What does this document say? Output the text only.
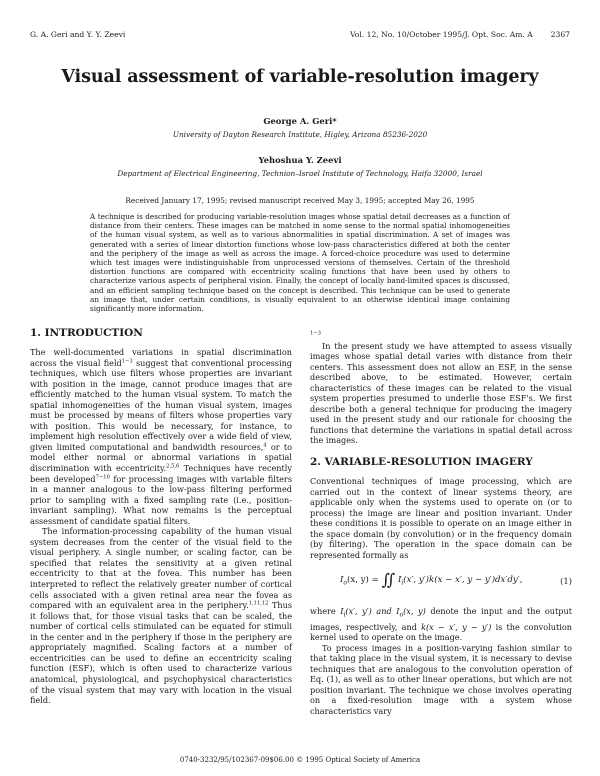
G. A. Geri and Y. Y. Zeevi	Vol. 12, No. 10/October 1995/J. Opt. Soc. Am. A 2367
Visual assessment of variable-resolution imagery
George A. Geri*
University of Dayton Research Institute, Higley, Arizona 85236-2020
Yehoshua Y. Zeevi
Department of Electrical Engineering, Technion–Israel Institute of Technology, Haifa 32000, Israel
Received January 17, 1995; revised manuscript received May 3, 1995; accepted May 26, 1995
A technique is described for producing variable-resolution images whose spatial detail decreases as a function of distance from their centers. These images can be matched in some sense to the normal spatial inhomogeneities of the human visual system, as well as to various abnormalities in spatial discrimination. A set of images was generated with a series of linear distortion functions whose low-pass characteristics differed at both the center and the periphery of the image as well as across the image. A forced-choice procedure was used to determine which test images were indistinguishable from unprocessed versions of themselves. Certain of the threshold distortion functions are compared with eccentricity scaling functions that have been used by others to characterize various aspects of peripheral vision. Finally, the concept of locally band-limited spaces is discussed, and an efficient sampling technique based on the concept is described. This technique can be used to generate an image that, under certain conditions, is visually equivalent to an otherwise identical image containing significantly more information.
1. INTRODUCTION

The well-documented variations in spatial discrimination across the visual field$^{1-3}$ suggest that conventional processing techniques, which use filters whose properties are invariant with position in the image, cannot produce images that are efficiently matched to the human visual system. To match the spatial inhomogeneities of the human visual system, images must be processed by means of filters whose properties vary with position. This would be necessary, for instance, to implement high resolution effectively over a wide field of view, given limited computational and bandwidth resources,$^4$ or to model either normal or abnormal variations in spatial discrimination with eccentricity.$^{2,5,6}$ Techniques have recently been developed$^{7-10}$ for processing images with variable filters in a manner analogous to the low-pass filtering performed prior to sampling with a fixed sampling rate (i.e., position-invariant sampling). What now remains is the perceptual assessment of candidate spatial filters.

The information-processing capability of the human visual system decreases from the center of the visual field to the visual periphery. A single number, or scaling factor, can be specified that relates the sensitivity at a given retinal eccentricity to that at the fovea. This number has been interpreted to reflect the relatively greater number of cortical cells associated with a given retinal area near the fovea as compared with an equivalent area in the periphery.$^{1,11,12}$ Thus it follows that, for those visual tasks that can be scaled, the number of cortical cells stimulated can be equated for stimuli in the center and in the periphery if those in the periphery are appropriately magnified. Scaling factors at a number of eccentricities can be used to define an eccentricity scaling function (ESF), which is often used to characterize various anatomical, physiological, and psychophysical characteristics of the visual system that may vary with location in the visual field.

$^{1-3}$

In the present study we have attempted to assess visually images whose spatial detail varies with distance from their centers. This assessment does not allow an ESF, in the sense described above, to be estimated. However, certain characteristics of these images can be related to the visual system properties presumed to underlie those ESF's. We first describe both a general technique for producing the imagery used in the present study and our rationale for choosing the functions that determine the variations in spatial detail across the images.

2. VARIABLE-RESOLUTION IMAGERY

Conventional techniques of image processing, which are carried out in the context of linear systems theory, are applicable only when the systems used to operate on (or to process) the image are linear and position invariant. Under these conditions it is possible to operate on an image either in the space domain (by convolution) or in the frequency domain (by filtering). The operation in the space domain can be represented formally as

$I_o(x$, y) = ∬ $I_i(x'$, y′)k(x − x′, y − y′)dx′dy′,	(1)

where $I_i(x'$, y′) and $I_o(x$, y) denote the input and the output images, respectively, and k(x − x′, y − y′) is the convolution kernel used to operate on the image.

To process images in a position-varying fashion similar to that taking place in the visual system, it is necessary to devise techniques that are analogous to the convolution operation of Eq. (1), as well as to other linear operations, but which are not position invariant. The technique we chose involves operating on a fixed-resolution image with a system whose characteristics vary

0740-3232/95/102367-09$06.00 © 1995 Optical Society of America
